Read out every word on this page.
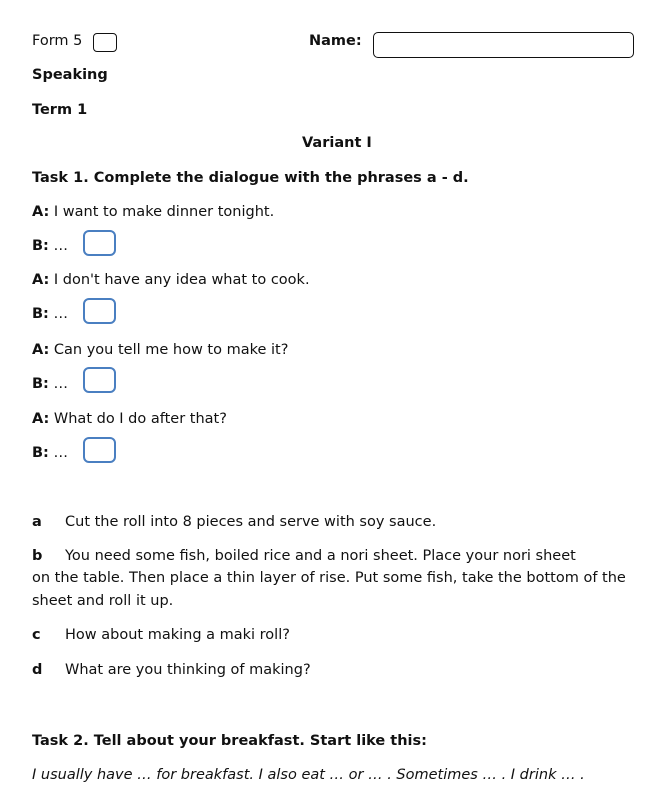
Form 5	Name:
Speaking
Term 1
Variant I
Task 1. Complete the dialogue with the phrases a - d.
A: I want to make dinner tonight.
B: …
A: I don't have any idea what to cook.
B: …
A: Can you tell me how to make it?
B: …
A: What do I do after that?
B: …
a Cut the roll into 8 pieces and serve with soy sauce.
b You need some fish, boiled rice and a nori sheet. Place your nori sheet
on the table. Then place a thin layer of rise. Put some fish, take the bottom of the sheet and roll it up.
c How about making a maki roll?
d What are you thinking of making?
Task 2. Tell about your breakfast. Start like this:
I usually have … for breakfast. I also eat … or … . Sometimes … . I drink … .
